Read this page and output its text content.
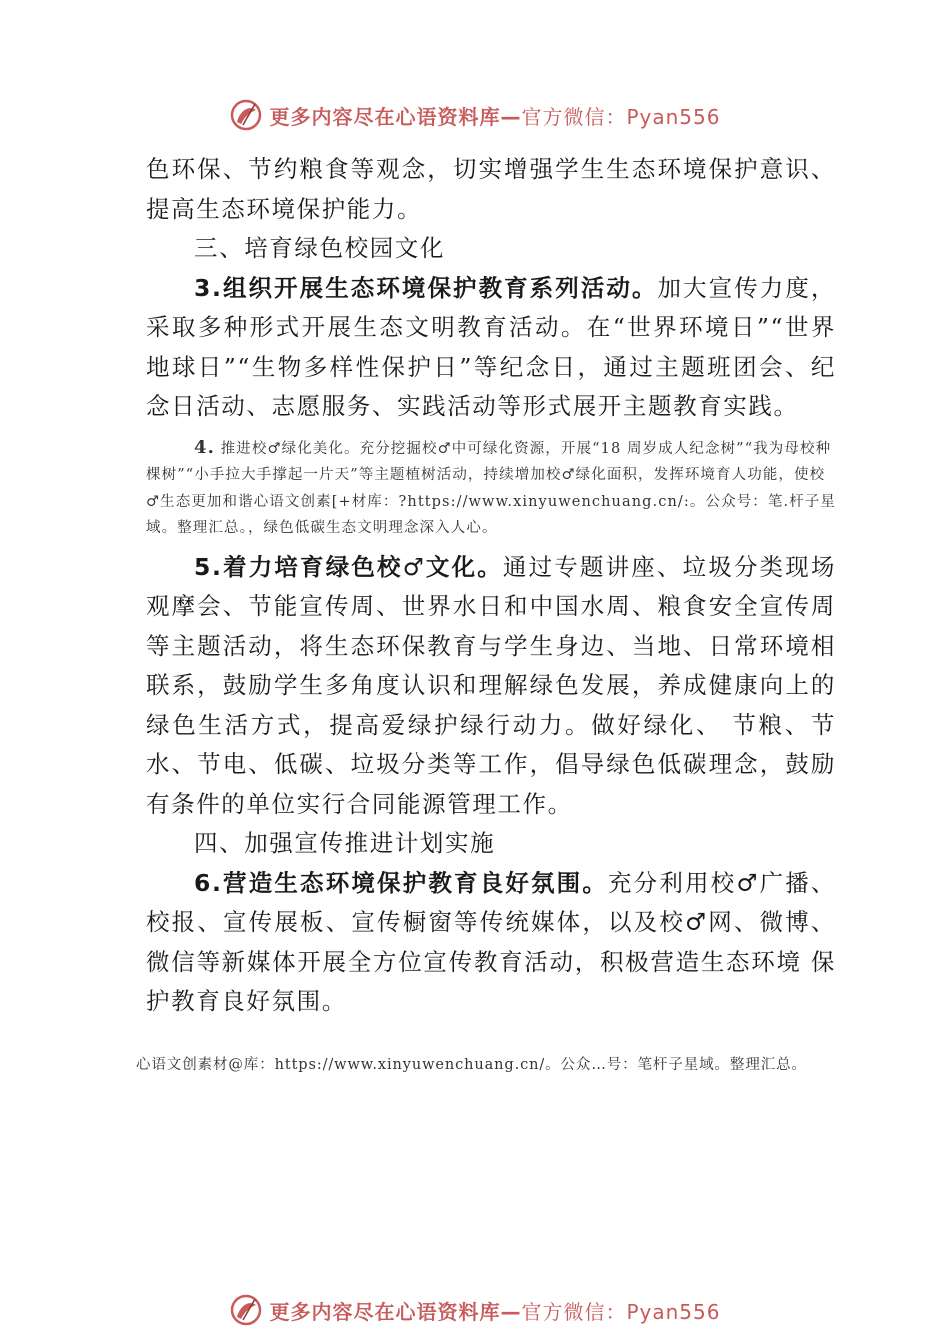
更多内容尽在心语资料库—官方微信：Pyan556

色环保、节约粮食等观念，切实增强学生生态环境保护意识、提高生态环境保护能力。

三、培育绿色校园文化

3.组织开展生态环境保护教育系列活动。加大宣传力度，采取多种形式开展生态文明教育活动。在“世界环境日”“世界地球日”“生物多样性保护日”等纪念日，通过主题班团会、纪念日活动、志愿服务、实践活动等形式展开主题教育实践。

4. 推进校♂绿化美化。充分挖掘校♂中可绿化资源，开展“18 周岁成人纪念树”“我为母校种棵树”“小手拉大手撑起一片天”等主题植树活动，持续增加校♂绿化面积，发挥环境育人功能，使校♂生态更加和谐心语文创素[+材库：?https://www.xinyuwenchuang.cn/:。公众号：笔.杆子星域。整理汇总。，绿色低碳生态文明理念深入人心。

5.着力培育绿色校♂文化。通过专题讲座、垃圾分类现场观摩会、节能宣传周、世界水日和中国水周、粮食安全宣传周等主题活动，将生态环保教育与学生身边、当地、日常环境相联系，鼓励学生多角度认识和理解绿色发展，养成健康向上的绿色生活方式，提高爱绿护绿行动力。做好绿化、 节粮、节水、节电、低碳、垃圾分类等工作，倡导绿色低碳理念，鼓励有条件的单位实行合同能源管理工作。

四、加强宣传推进计划实施

6.营造生态环境保护教育良好氛围。充分利用校♂广播、校报、宣传展板、宣传橱窗等传统媒体，以及校♂网、微博、 微信等新媒体开展全方位宣传教育活动，积极营造生态环境 保护教育良好氛围。

心语文创素材@库：https://www.xinyuwenchuang.cn/。公众…号：笔杆子星域。整理汇总。

更多内容尽在心语资料库—官方微信：Pyan556
